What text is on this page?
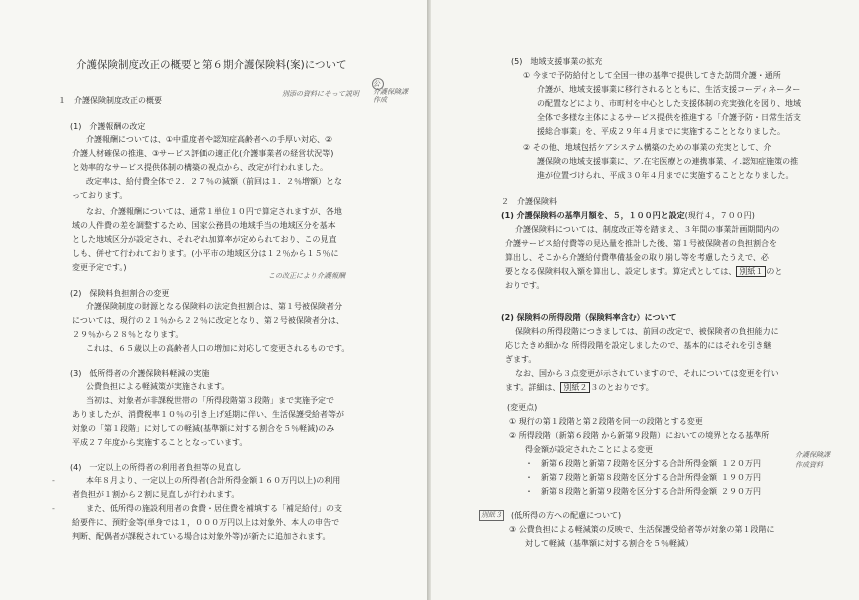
介護保険制度改正の概要と第６期介護保険料(案)について
別添の資料にそって説明
公
介護保険課
作成
１　介護保険制度改正の概要
(1)　介護報酬の改定
介護報酬については、①中重度者や認知症高齢者への手厚い対応、②
介護人材確保の推進、③サービス評価の適正化(介護事業者の経営状況等)
と効率的なサービス提供体制の構築の視点から、改定が行われました。
改定率は、給付費全体で２．２７％の減額（前回は１．２％増額）とな
っております。
なお、介護報酬については、通常１単位１０円で算定されますが、各地
域の人件費の差を調整するため、国家公務員の地域手当の地域区分を基本
とした地域区分が設定され、それぞれ加算率が定められており、この見直
しも、併せて行われております。(小平市の地域区分は１２％から１５％に
変更予定です。)
この改正により介護報酬
(2)　保険料負担割合の変更
介護保険制度の財源となる保険料の法定負担割合は、第１号被保険者分
については、現行の２１％から２２％に改定となり、第２号被保険者分は、
２９％から２８％となります。
これは、６５歳以上の高齢者人口の増加に対応して変更されるものです。
(3)　低所得者の介護保険料軽減の実施
公費負担による軽減策が実施されます。
当初は、対象者が非課税世帯の「所得段階第３段階」まで実施予定で
ありましたが、消費税率１０％の引き上げ延期に伴い、生活保護受給者等が
対象の「第１段階」に対しての軽減(基準額に対する割合を５％軽減)のみ
平成２７年度から実施することとなっています。
(4)　一定以上の所得者の利用者負担等の見直し
-	本年８月より、一定以上の所得者(合計所得金額１６０万円以上)の利用
者負担が１割から２割に見直しが行われます。
-	また、低所得の施設利用者の食費・居住費を補填する「補足給付」の支
給要件に、預貯金等(単身では１，０００万円以上は対象外、本人の申告で
判断、配偶者が課税されている場合は対象外等)が新たに追加されます。
(5)　地域支援事業の拡充
① 今まで予防給付として全国一律の基準で提供してきた訪問介護・通所
介護が、地域支援事業に移行されるとともに、生活支援コーディネーター
の配置などにより、市町村を中心とした支援体制の充実強化を図り、地域
全体で多様な主体によるサービス提供を推進する「介護予防・日常生活支
援総合事業」を、平成２９年４月までに実施することとなりました。
② その他、地域包括ケアシステム構築のための事業の充実として、介
護保険の地域支援事業に、ア.在宅医療との連携事業、イ.認知症施策の推
進が位置づけられ、平成３０年４月までに実施することとなりました。
２　介護保険料
(1) 介護保険料の基準月額を、５，１００円と設定(現行４，７００円)
介護保険料については、制度改正等を踏まえ、３年間の事業計画期間内の
介護サービス給付費等の見込量を推計した後、第１号被保険者の負担割合を
算出し、そこから介護給付費準備基金の取り崩し等を考慮したうえで、必
要となる保険料収入額を算出し、設定します。算定式としては、 別紙１ のと
おりです。
(2) 保険料の所得段階（保険料率含む）について
保険料の所得段階につきましては、前回の改定で、被保険者の負担能力に
応じたきめ細かな 所得段階を設定しましたので、基本的にはそれを引き継
ぎます。
なお、国から３点変更が示されていますので、それについては変更を行い
ます。詳細は、 別紙２ ３のとおりです。
(変更点)
① 現行の第１段階と第２段階を同一の段階とする変更
② 所得段階（新第６段階 から新第９段階）においての境界となる基準所
得金額が設定されたことによる変更
・　新第６段階と新第７段階を区分する合計所得金額 １２０万円
・　新第７段階と新第８段階を区分する合計所得金額 １９０万円
・　新第８段階と新第９段階を区分する合計所得金額 ２９０万円
介護保険課
作成資料
別紙３ (低所得の方への配慮について)
③ 公費負担による軽減策の反映で、生活保護受給者等が対象の第１段階に
対して軽減（基準額に対する割合を５％軽減）
